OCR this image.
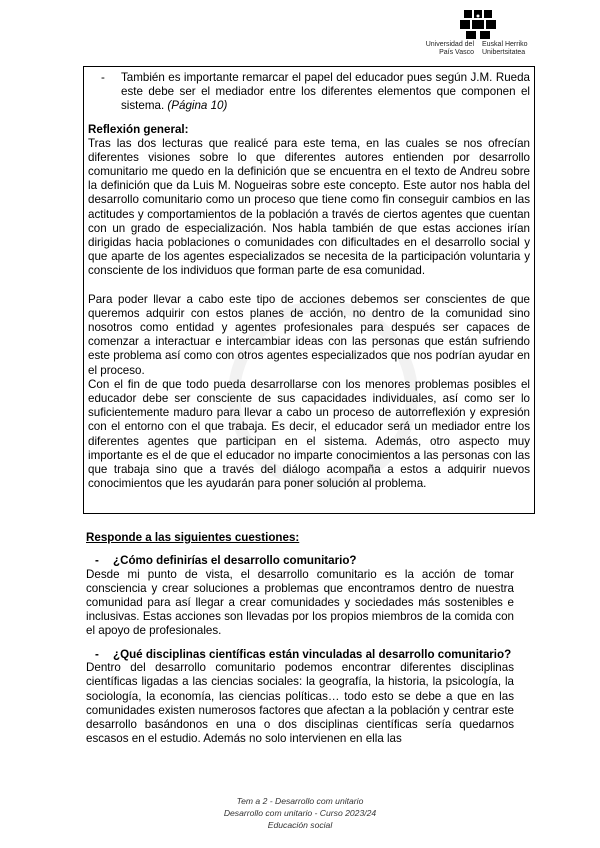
Universidad del País Vasco
Euskal Herriko Unibertsitatea

- También es importante remarcar el papel del educador pues según J.M. Rueda este debe ser el mediador entre los diferentes elementos que componen el sistema. (Página 10)

Reflexión general:

Tras las dos lecturas que realicé para este tema, en las cuales se nos ofrecían diferentes visiones sobre lo que diferentes autores entienden por desarrollo comunitario me quedo en la definición que se encuentra en el texto de Andreu sobre la definición que da Luis M. Nogueiras sobre este concepto. Este autor nos habla del desarrollo comunitario como un proceso que tiene como fin conseguir cambios en las actitudes y comportamientos de la población a través de ciertos agentes que cuentan con un grado de especialización. Nos habla también de que estas acciones irían dirigidas hacia poblaciones o comunidades con dificultades en el desarrollo social y que aparte de los agentes especializados se necesita de la participación voluntaria y consciente de los individuos que forman parte de esa comunidad.

Para poder llevar a cabo este tipo de acciones debemos ser conscientes de que queremos adquirir con estos planes de acción, no dentro de la comunidad sino nosotros como entidad y agentes profesionales para después ser capaces de comenzar a interactuar e intercambiar ideas con las personas que están sufriendo este problema así como con otros agentes especializados que nos podrían ayudar en el proceso.

Con el fin de que todo pueda desarrollarse con los menores problemas posibles el educador debe ser consciente de sus capacidades individuales, así como ser lo suficientemente maduro para llevar a cabo un proceso de autorreflexión y expresión con el entorno con el que trabaja. Es decir, el educador será un mediador entre los diferentes agentes que participan en el sistema. Además, otro aspecto muy importante es el de que el educador no imparte conocimientos a las personas con las que trabaja sino que a través del diálogo acompaña a estos a adquirir nuevos conocimientos que les ayudarán para poner solución al problema.

Responde a las siguientes cuestiones:

- ¿Cómo definirías el desarrollo comunitario?

Desde mi punto de vista, el desarrollo comunitario es la acción de tomar consciencia y crear soluciones a problemas que encontramos dentro de nuestra comunidad para así llegar a crear comunidades y sociedades más sostenibles e inclusivas. Estas acciones son llevadas por los propios miembros de la comida con el apoyo de profesionales.

- ¿Qué disciplinas científicas están vinculadas al desarrollo comunitario?

Dentro del desarrollo comunitario podemos encontrar diferentes disciplinas científicas ligadas a las ciencias sociales: la geografía, la historia, la psicología, la sociología, la economía, las ciencias políticas… todo esto se debe a que en las comunidades existen numerosos factores que afectan a la población y centrar este desarrollo basándonos en una o dos disciplinas científicas sería quedarnos escasos en el estudio. Además no solo intervienen en ella las

Tem a 2 - Desarrollo com unitario
Desarrollo com unitario - Curso 2023/24
Educación social
